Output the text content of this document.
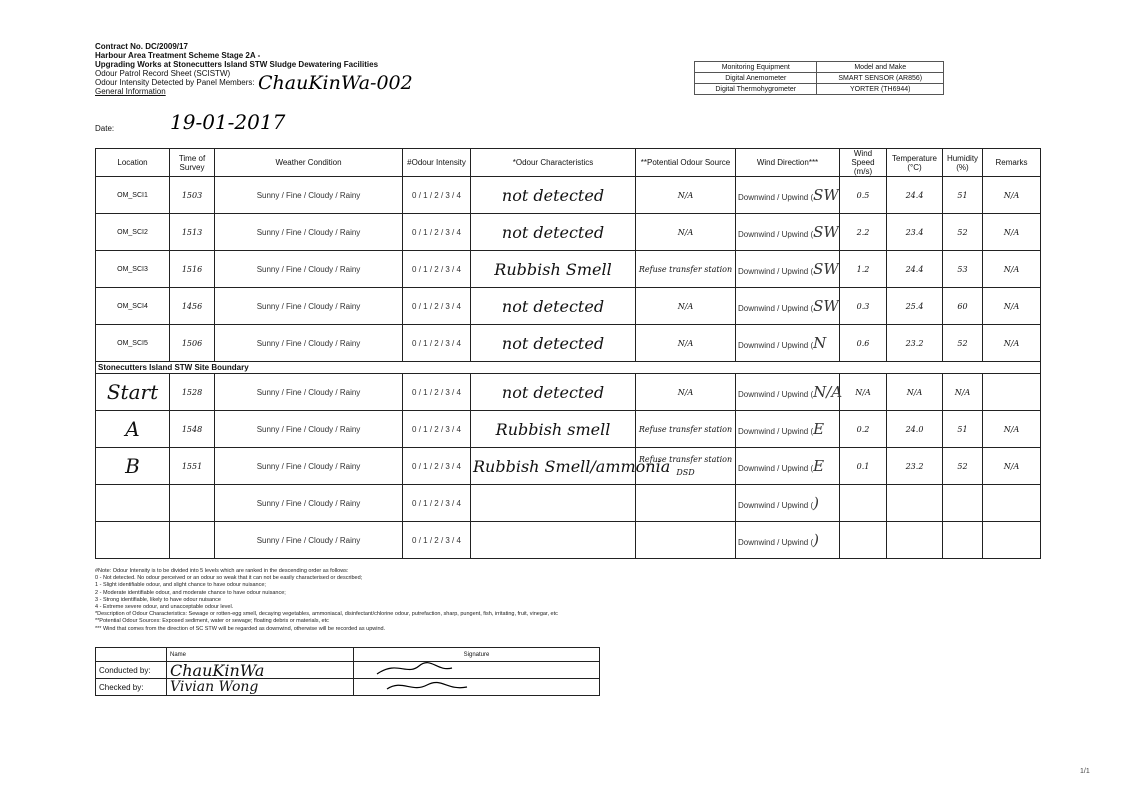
Contract No. DC/2009/17
Harbour Area Treatment Scheme Stage 2A -
Upgrading Works at Stonecutters Island STW Sludge Dewatering Facilities
Odour Patrol Record Sheet (SCISTW)
Odour Intensity Detected by Panel Members:
General Information	ChauKinWa-002
Date:	19-01-2017
Monitoring Equipment	Model and Make
Digital Anemometer	SMART SENSOR (AR856)
Digital Thermohygrometer	YORTER (TH6944)
Location	Time of Survey	Weather Condition	#Odour Intensity	*Odour Characteristics	**Potential Odour Source	Wind Direction***	Wind Speed (m/s)	Temperature (°C)	Humidity (%)	Remarks
OM_SCI1	1503	Sunny / Fine / Cloudy / Rainy	0 / 1 / 2 / 3 / 4	not detected	N/A	Downwind / Upwind (SW	0.5	24.4	51	N/A
OM_SCI2	1513	Sunny / Fine / Cloudy / Rainy	0 / 1 / 2 / 3 / 4	not detected	N/A	Downwind / Upwind (SW	2.2	23.4	52	N/A
OM_SCI3	1516	Sunny / Fine / Cloudy / Rainy	0 / 1 / 2 / 3 / 4	Rubbish Smell	Refuse transfer station	Downwind / Upwind (SW	1.2	24.4	53	N/A
OM_SCI4	1456	Sunny / Fine / Cloudy / Rainy	0 / 1 / 2 / 3 / 4	not detected	N/A	Downwind / Upwind (SW	0.3	25.4	60	N/A
OM_SCI5	1506	Sunny / Fine / Cloudy / Rainy	0 / 1 / 2 / 3 / 4	not detected	N/A	Downwind / Upwind (N	0.6	23.2	52	N/A
Stonecutters Island STW Site Boundary										
Start	1528	Sunny / Fine / Cloudy / Rainy	0 / 1 / 2 / 3 / 4	not detected	N/A	Downwind / Upwind (N/A	N/A	N/A	N/A	
A	1548	Sunny / Fine / Cloudy / Rainy	0 / 1 / 2 / 3 / 4	Rubbish smell	Refuse transfer station	Downwind / Upwind (E	0.2	24.0	51	N/A
B	1551	Sunny / Fine / Cloudy / Rainy	0 / 1 / 2 / 3 / 4	Rubbish Smell/ammonia	Refuse transfer station DSD	Downwind / Upwind (E	0.1	23.2	52	N/A
		Sunny / Fine / Cloudy / Rainy	0 / 1 / 2 / 3 / 4			Downwind / Upwind ()				
		Sunny / Fine / Cloudy / Rainy	0 / 1 / 2 / 3 / 4			Downwind / Upwind ()				
#Note: Odour Intensity is to be divided into 5 levels which are ranked in the descending order as follows:
0 - Not detected. No odour perceived or an odour so weak that it can not be easily characterised or described;
1 - Slight identifiable odour, and slight chance to have odour nuisance;
2 - Moderate identifiable odour, and moderate chance to have odour nuisance;
3 - Strong identifiable, likely to have odour nuisance
4 - Extreme severe odour, and unacceptable odour level.
*Description of Odour Characteristics: Sewage or rotten-egg smell, decaying vegetables, ammoniacal, disinfectant/chlorine odour, putrefaction, sharp, pungent, fish, irritating, fruit, vinegar, etc
**Potential Odour Sources: Exposed sediment, water or sewage; floating debris or materials, etc
*** Wind that comes from the direction of SC STW will be regarded as downwind, otherwise will be recorded as upwind.
	Name	Signature
Conducted by:	ChauKinWa	
Checked by:	Vivian Wong	
1/1
